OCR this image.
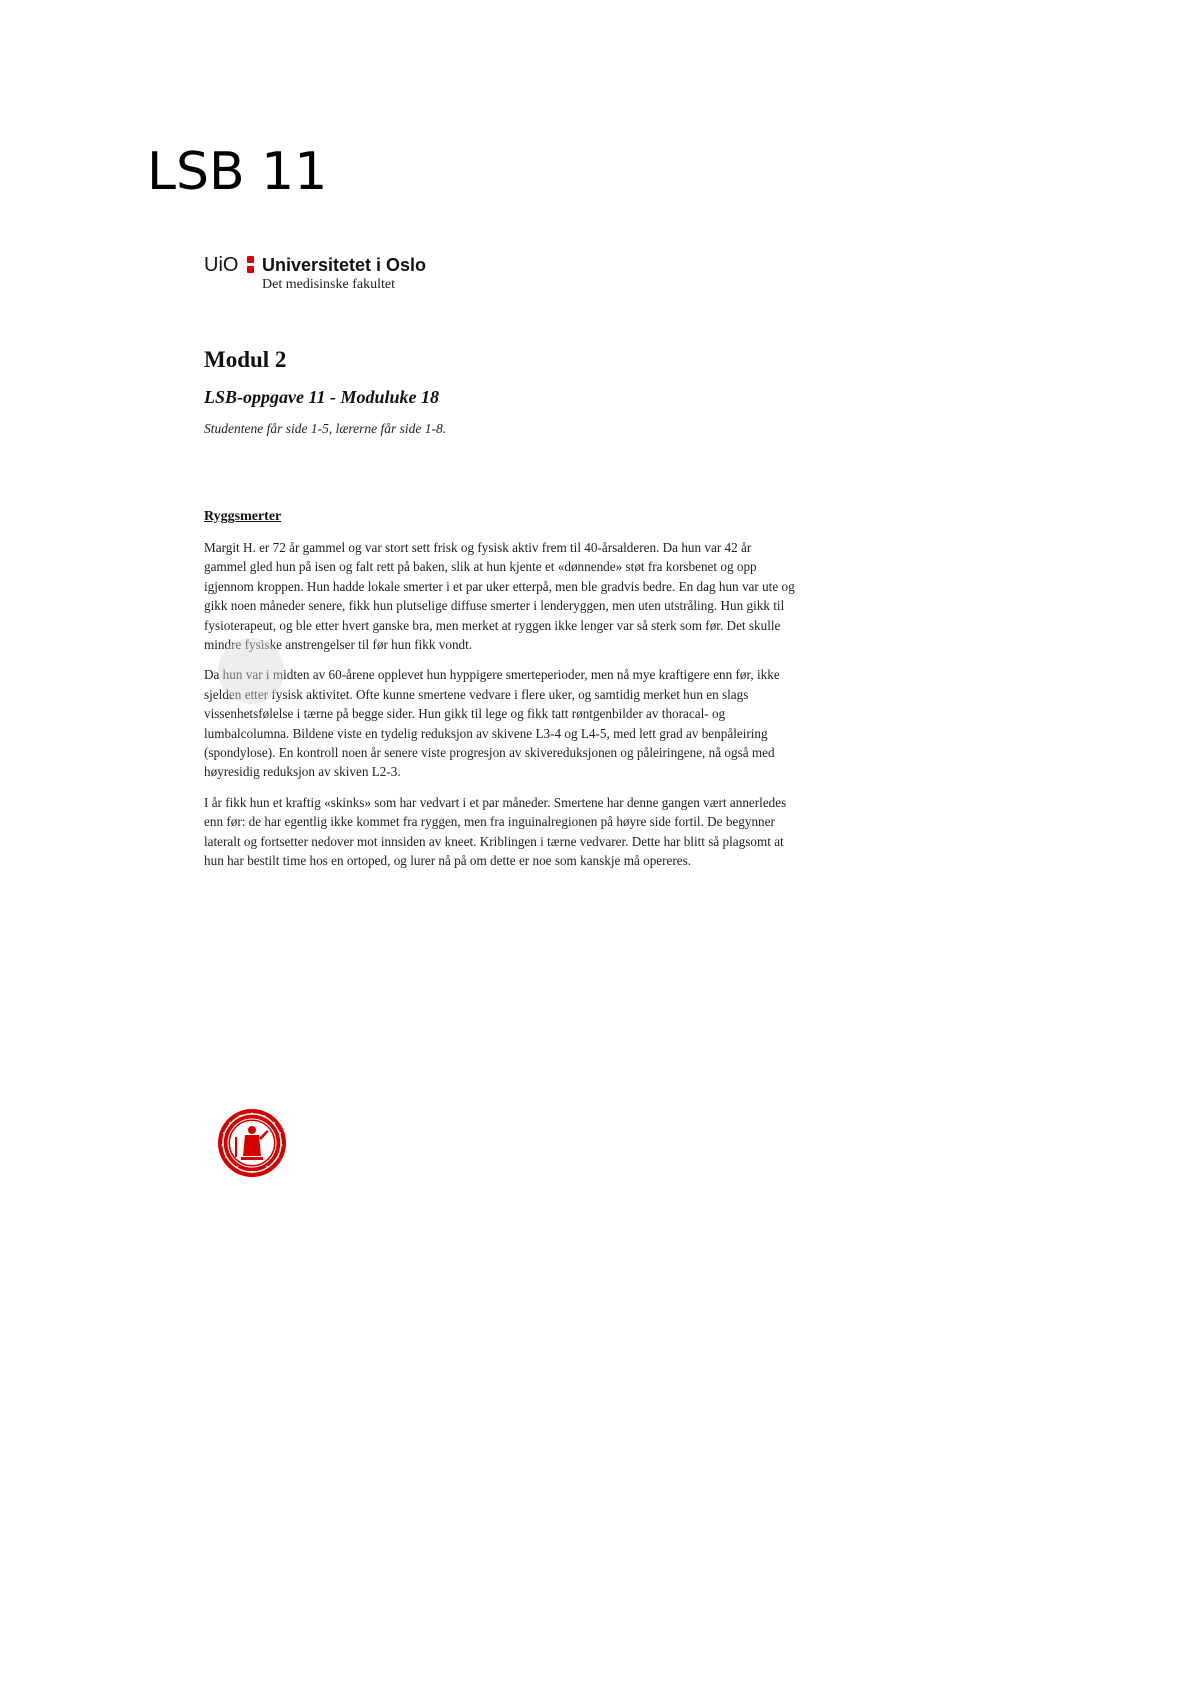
LSB 11
UiO Universitetet i Oslo
Det medisinske fakultet
Modul 2
LSB-oppgave 11 - Moduluke 18

Studentene får side 1-5, lærerne får side 1-8.

Ryggsmerter

Margit H. er 72 år gammel og var stort sett frisk og fysisk aktiv frem til 40-årsalderen. Da hun var 42 år gammel gled hun på isen og falt rett på baken, slik at hun kjente et «dønnende» støt fra korsbenet og opp igjennom kroppen. Hun hadde lokale smerter i et par uker etterpå, men ble gradvis bedre. En dag hun var ute og gikk noen måneder senere, fikk hun plutselige diffuse smerter i lenderyggen, men uten utstråling. Hun gikk til fysioterapeut, og ble etter hvert ganske bra, men merket at ryggen ikke lenger var så sterk som før. Det skulle mindre fysiske anstrengelser til før hun fikk vondt.

Da hun var i midten av 60-årene opplevet hun hyppigere smerteperioder, men nå mye kraftigere enn før, ikke sjelden etter fysisk aktivitet. Ofte kunne smertene vedvare i flere uker, og samtidig merket hun en slags vissenhetsfølelse i tærne på begge sider. Hun gikk til lege og fikk tatt røntgenbilder av thoracal- og lumbalcolumna. Bildene viste en tydelig reduksjon av skivene L3-4 og L4-5, med lett grad av benpåleiring (spondylose). En kontroll noen år senere viste progresjon av skivereduksjonen og påleiringene, nå også med høyresidig reduksjon av skiven L2-3.

I år fikk hun et kraftig «skinks» som har vedvart i et par måneder. Smertene har denne gangen vært annerledes enn før: de har egentlig ikke kommet fra ryggen, men fra inguinalregionen på høyre side fortil. De begynner lateralt og fortsetter nedover mot innsiden av kneet. Kriblingen i tærne vedvarer. Dette har blitt så plagsomt at hun har bestilt time hos en ortoped, og lurer nå på om dette er noe som kanskje må opereres.
